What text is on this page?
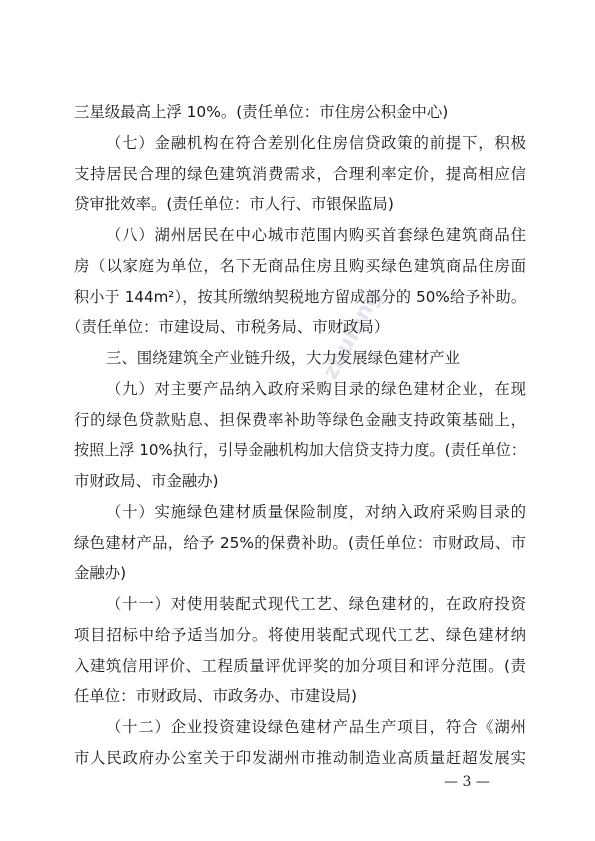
zhulong
三星级最高上浮 10%。(责任单位：市住房公积金中心)
（七）金融机构在符合差别化住房信贷政策的前提下，积极
支持居民合理的绿色建筑消费需求，合理利率定价，提高相应信
贷审批效率。(责任单位：市人行、市银保监局)
（八）湖州居民在中心城市范围内购买首套绿色建筑商品住
房（以家庭为单位，名下无商品住房且购买绿色建筑商品住房面
积小于 144m²），按其所缴纳契税地方留成部分的 50%给予补助。
（责任单位：市建设局、市税务局、市财政局）
三、围绕建筑全产业链升级，大力发展绿色建材产业
（九）对主要产品纳入政府采购目录的绿色建材企业，在现
行的绿色贷款贴息、担保费率补助等绿色金融支持政策基础上，
按照上浮 10%执行，引导金融机构加大信贷支持力度。(责任单位：
市财政局、市金融办)
（十）实施绿色建材质量保险制度，对纳入政府采购目录的
绿色建材产品，给予 25%的保费补助。(责任单位：市财政局、市
金融办)
（十一）对使用装配式现代工艺、绿色建材的，在政府投资
项目招标中给予适当加分。将使用装配式现代工艺、绿色建材纳
入建筑信用评价、工程质量评优评奖的加分项目和评分范围。(责
任单位：市财政局、市政务办、市建设局)
（十二）企业投资建设绿色建材产品生产项目，符合《湖州
市人民政府办公室关于印发湖州市推动制造业高质量赶超发展实
— 3 —
